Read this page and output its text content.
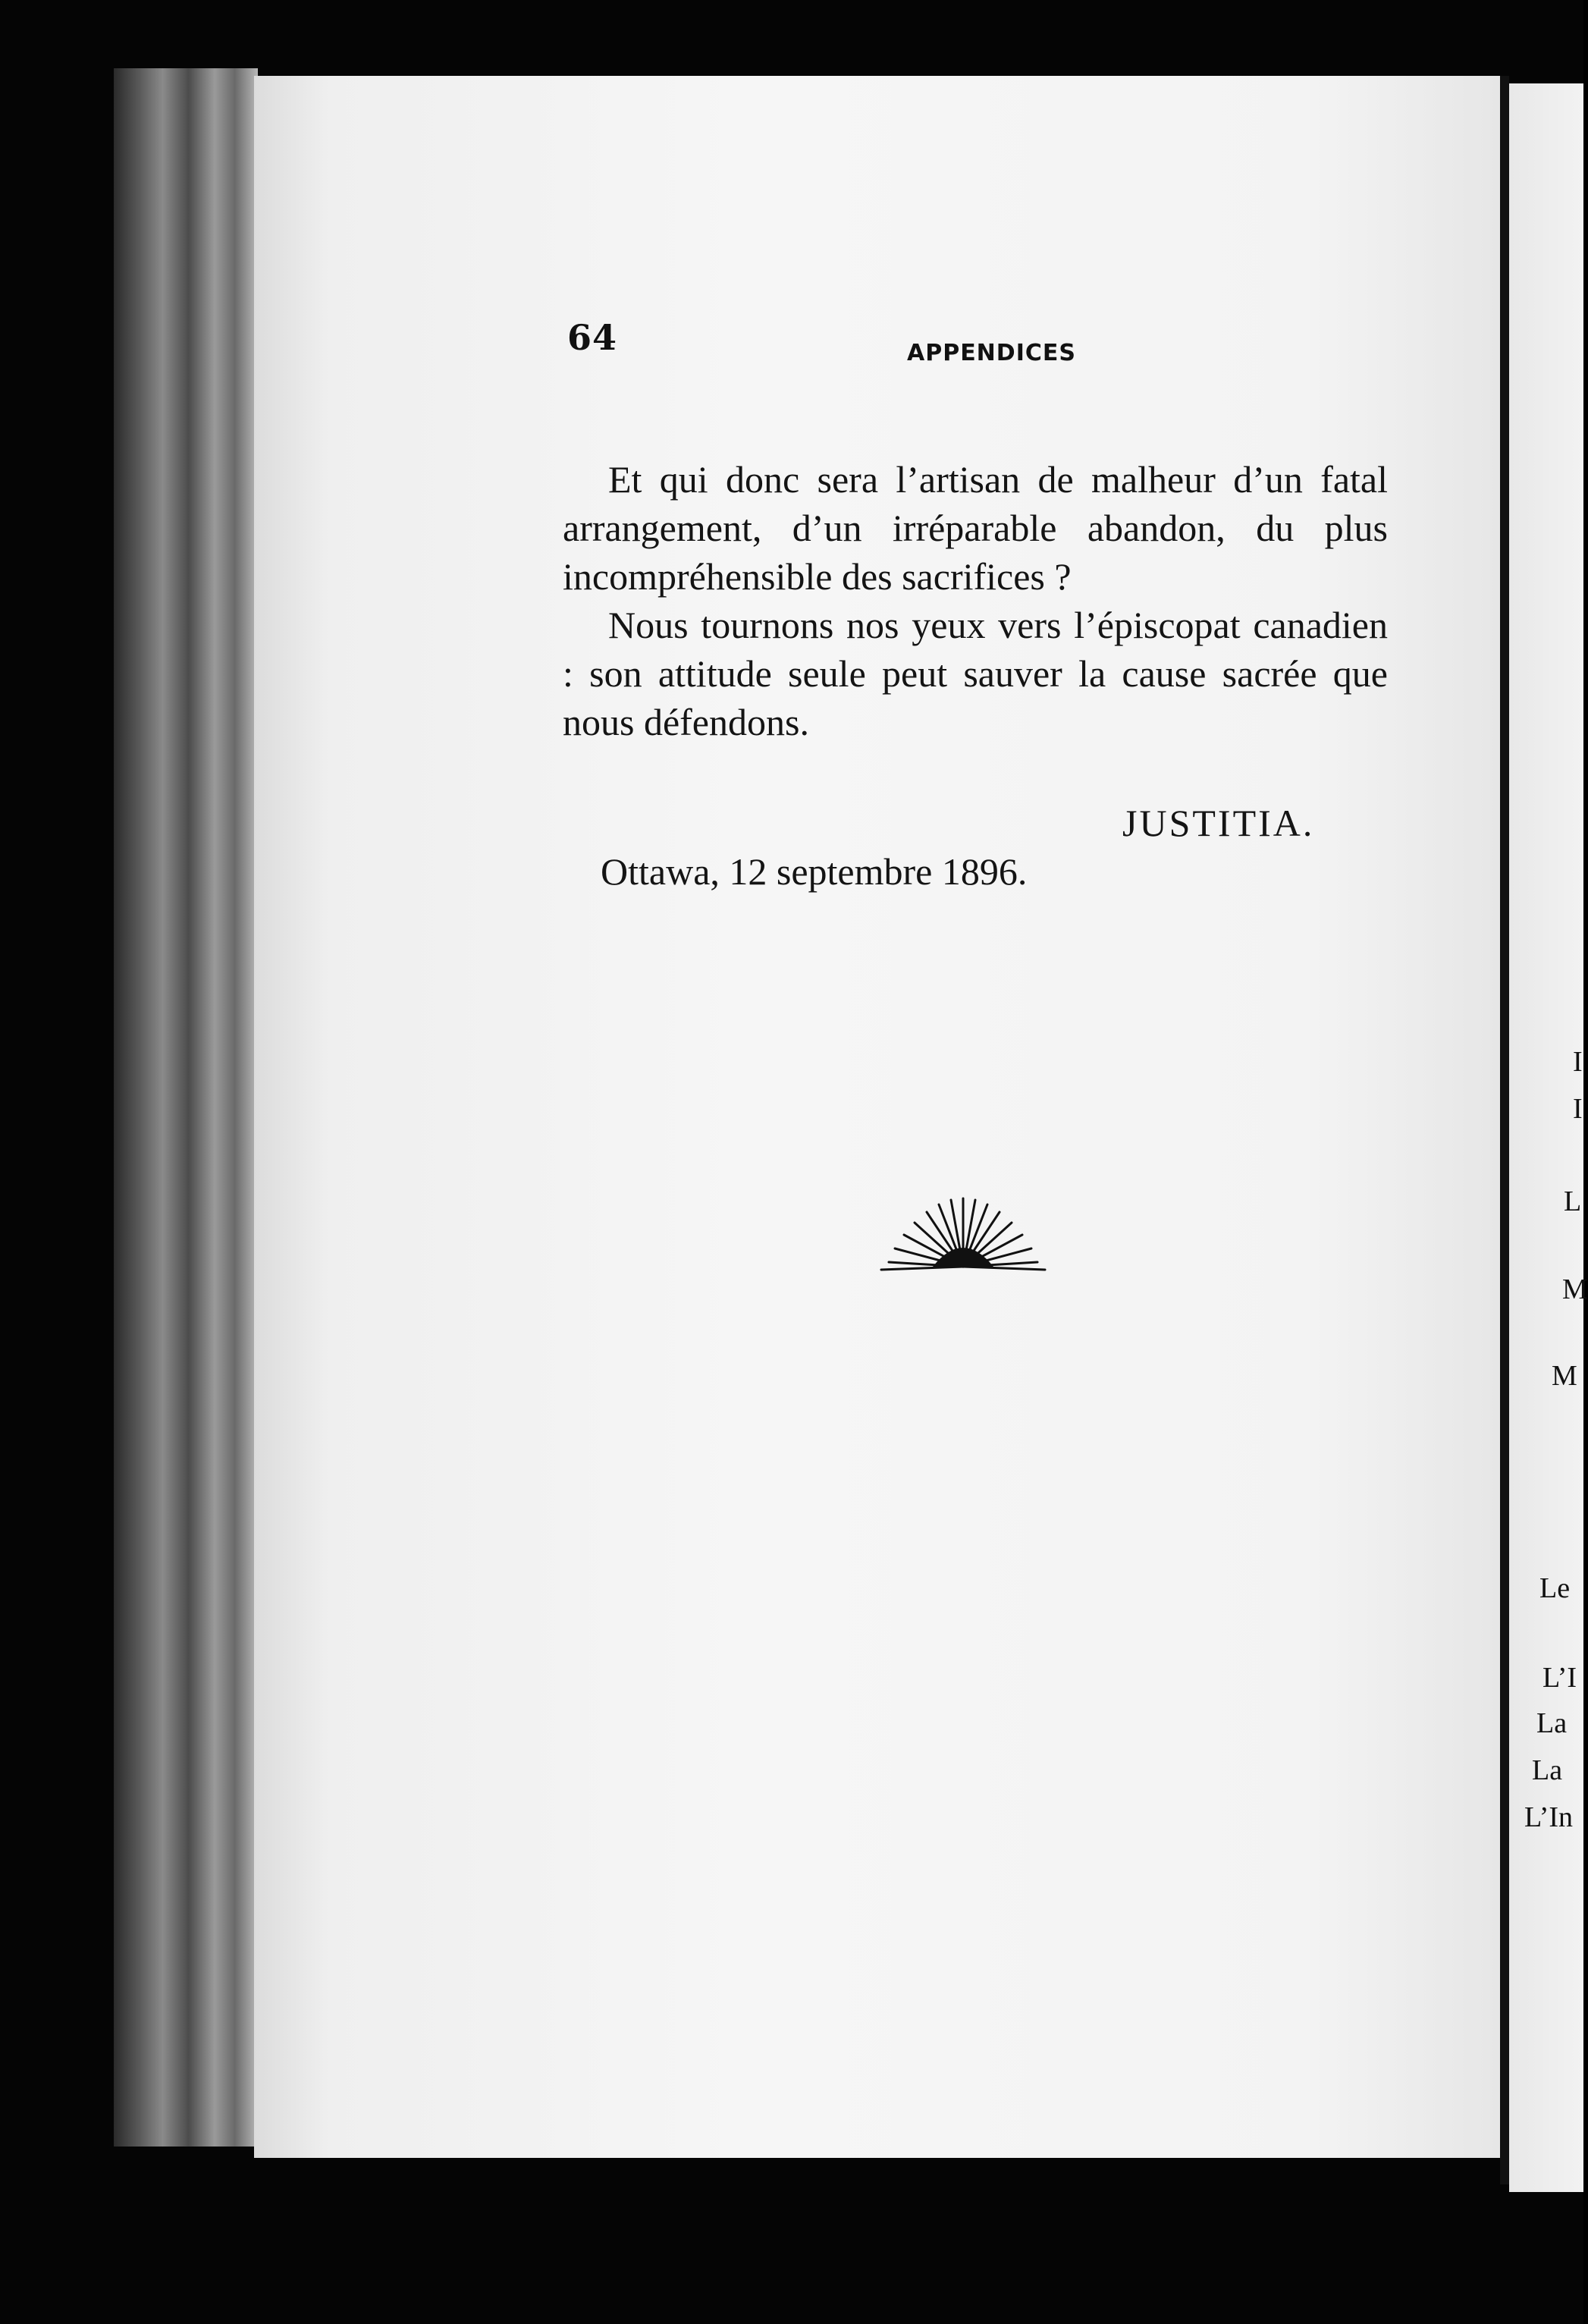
64	APPENDICES

Et qui donc sera l’artisan de malheur d’un fatal arrangement, d’un irréparable abandon, du plus incompréhensible des sacrifices ?

Nous tournons nos yeux vers l’épiscopat canadien : son attitude seule peut sauver la cause sacrée que nous défendons.

JUSTITIA.
Ottawa, 12 septembre 1896.
I
I
L
M
M
Le
L’I
La
La
L’In
